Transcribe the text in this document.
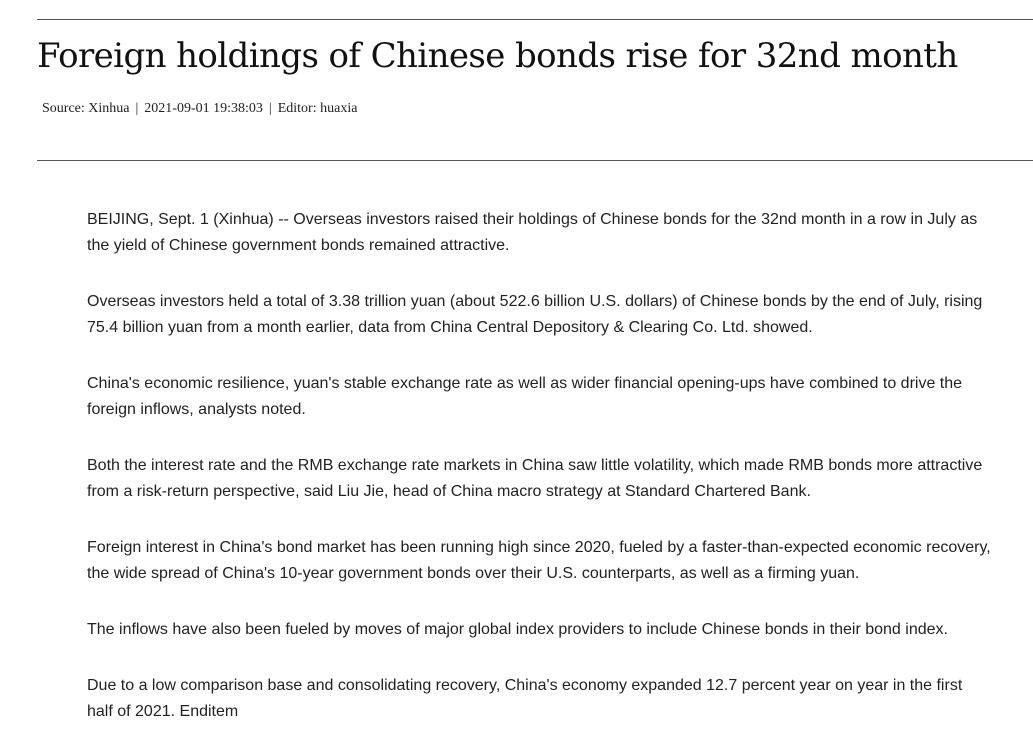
Foreign holdings of Chinese bonds rise for 32nd month
Source: Xinhua | 2021-09-01 19:38:03 | Editor: huaxia

BEIJING, Sept. 1 (Xinhua) -- Overseas investors raised their holdings of Chinese bonds for the 32nd month in a row in July as the yield of Chinese government bonds remained attractive.

Overseas investors held a total of 3.38 trillion yuan (about 522.6 billion U.S. dollars) of Chinese bonds by the end of July, rising 75.4 billion yuan from a month earlier, data from China Central Depository & Clearing Co. Ltd. showed.

China's economic resilience, yuan's stable exchange rate as well as wider financial opening-ups have combined to drive the foreign inflows, analysts noted.

Both the interest rate and the RMB exchange rate markets in China saw little volatility, which made RMB bonds more attractive from a risk-return perspective, said Liu Jie, head of China macro strategy at Standard Chartered Bank.

Foreign interest in China's bond market has been running high since 2020, fueled by a faster-than-expected economic recovery, the wide spread of China's 10-year government bonds over their U.S. counterparts, as well as a firming yuan.

The inflows have also been fueled by moves of major global index providers to include Chinese bonds in their bond index.

Due to a low comparison base and consolidating recovery, China's economy expanded 12.7 percent year on year in the first half of 2021. Enditem
